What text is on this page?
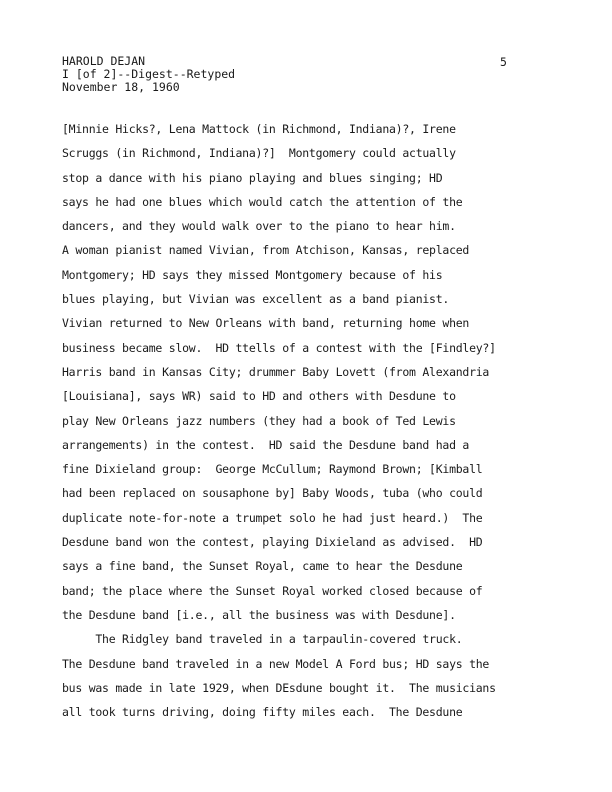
HAROLD DEJAN
I [of 2]--Digest--Retyped
November 18, 1960
5
[Minnie Hicks?, Lena Mattock (in Richmond, Indiana)?, Irene
Scruggs (in Richmond, Indiana)?]  Montgomery could actually
stop a dance with his piano playing and blues singing; HD
says he had one blues which would catch the attention of the
dancers, and they would walk over to the piano to hear him.
A woman pianist named Vivian, from Atchison, Kansas, replaced
Montgomery; HD says they missed Montgomery because of his
blues playing, but Vivian was excellent as a band pianist.
Vivian returned to New Orleans with band, returning home when
business became slow.  HD ttells of a contest with the [Findley?]
Harris band in Kansas City; drummer Baby Lovett (from Alexandria
[Louisiana], says WR) said to HD and others with Desdune to
play New Orleans jazz numbers (they had a book of Ted Lewis
arrangements) in the contest.  HD said the Desdune band had a
fine Dixieland group:  George McCullum; Raymond Brown; [Kimball
had been replaced on sousaphone by] Baby Woods, tuba (who could
duplicate note-for-note a trumpet solo he had just heard.)  The
Desdune band won the contest, playing Dixieland as advised.  HD
says a fine band, the Sunset Royal, came to hear the Desdune
band; the place where the Sunset Royal worked closed because of
the Desdune band [i.e., all the business was with Desdune].
The Ridgley band traveled in a tarpaulin-covered truck.
The Desdune band traveled in a new Model A Ford bus; HD says the
bus was made in late 1929, when DEsdune bought it.  The musicians
all took turns driving, doing fifty miles each.  The Desdune
